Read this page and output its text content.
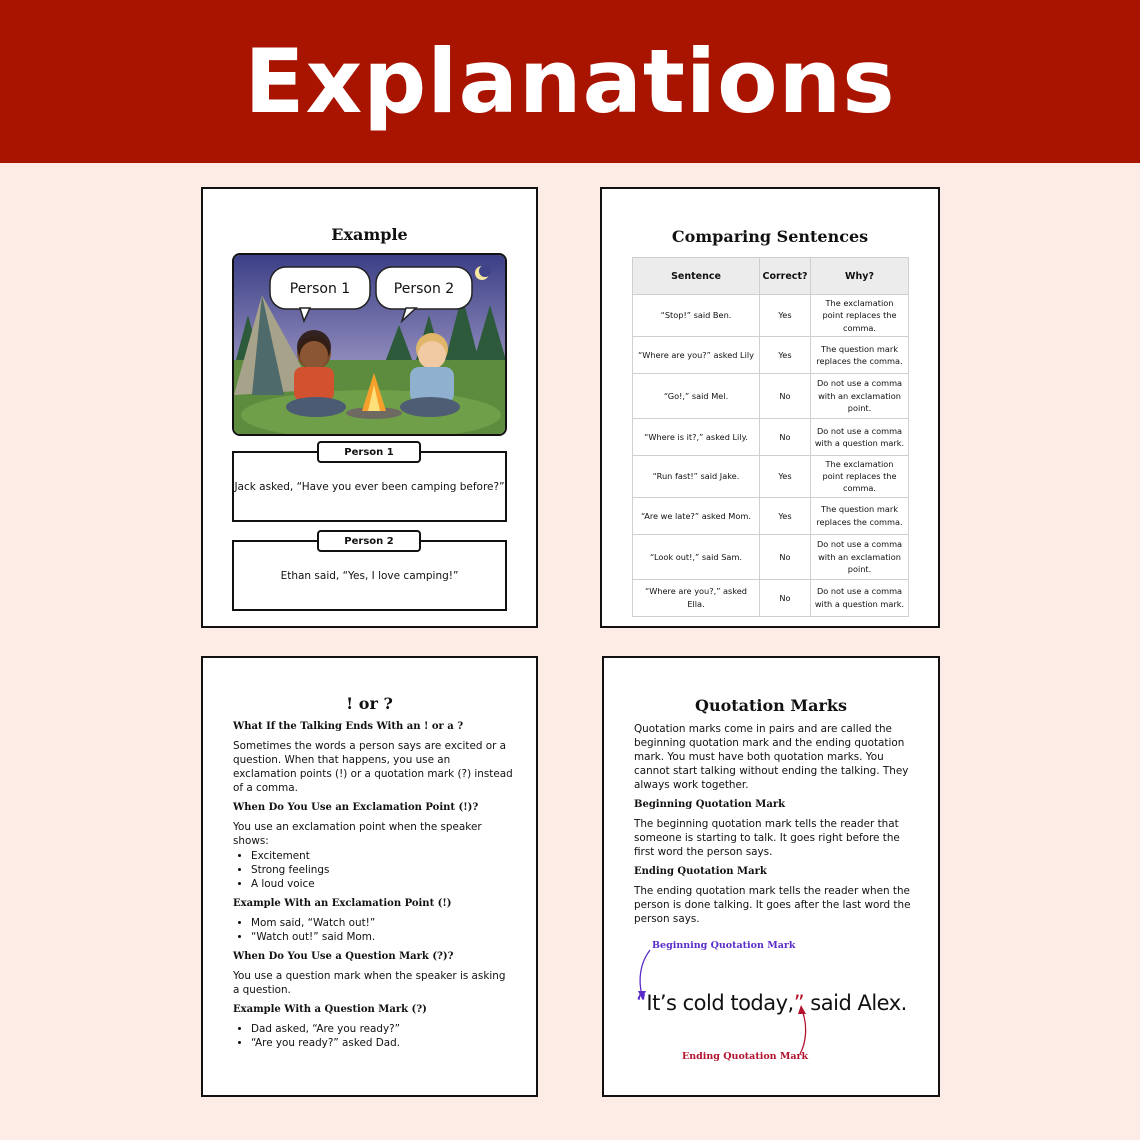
Explanations
Example
Person 1	Person 2
Jack asked, “Have you ever been camping before?”
Person 1
Ethan said, “Yes, I love camping!”
Person 2
Comparing Sentences
Sentence	Correct?	Why?
“Stop!” said Ben.	Yes	The exclamation point replaces the comma.
“Where are you?” asked Lily	Yes	The question mark replaces the comma.
“Go!,” said Mel.	No	Do not use a comma with an exclamation point.
“Where is it?,” asked Lily.	No	Do not use a comma with a question mark.
“Run fast!” said Jake.	Yes	The exclamation point replaces the comma.
“Are we late?” asked Mom.	Yes	The question mark replaces the comma.
“Look out!,” said Sam.	No	Do not use a comma with an exclamation point.
“Where are you?,” asked Ella.	No	Do not use a comma with a question mark.
! or ?
What If the Talking Ends With an ! or a ?

Sometimes the words a person says are excited or a question. When that happens, you use an exclamation points (!) or a quotation mark (?) instead of a comma.

When Do You Use an Exclamation Point (!)?

You use an exclamation point when the speaker shows:

• Excitement
• Strong feelings
• A loud voice
Example With an Exclamation Point (!)
• Mom said, “Watch out!”
• “Watch out!” said Mom.
When Do You Use a Question Mark (?)?

You use a question mark when the speaker is asking a question.

Example With a Question Mark (?)
• Dad asked, “Are you ready?”
• “Are you ready?” asked Dad.
Quotation Marks

Quotation marks come in pairs and are called the beginning quotation mark and the ending quotation mark. You must have both quotation marks. You cannot start talking without ending the talking. They always work together.

Beginning Quotation Mark

The beginning quotation mark tells the reader that someone is starting to talk. It goes right before the first word the person says.

Ending Quotation Mark

The ending quotation mark tells the reader when the person is done talking. It goes after the last word the person says.

Beginning Quotation Mark
“It’s cold today,” said Alex.
Ending Quotation Mark
